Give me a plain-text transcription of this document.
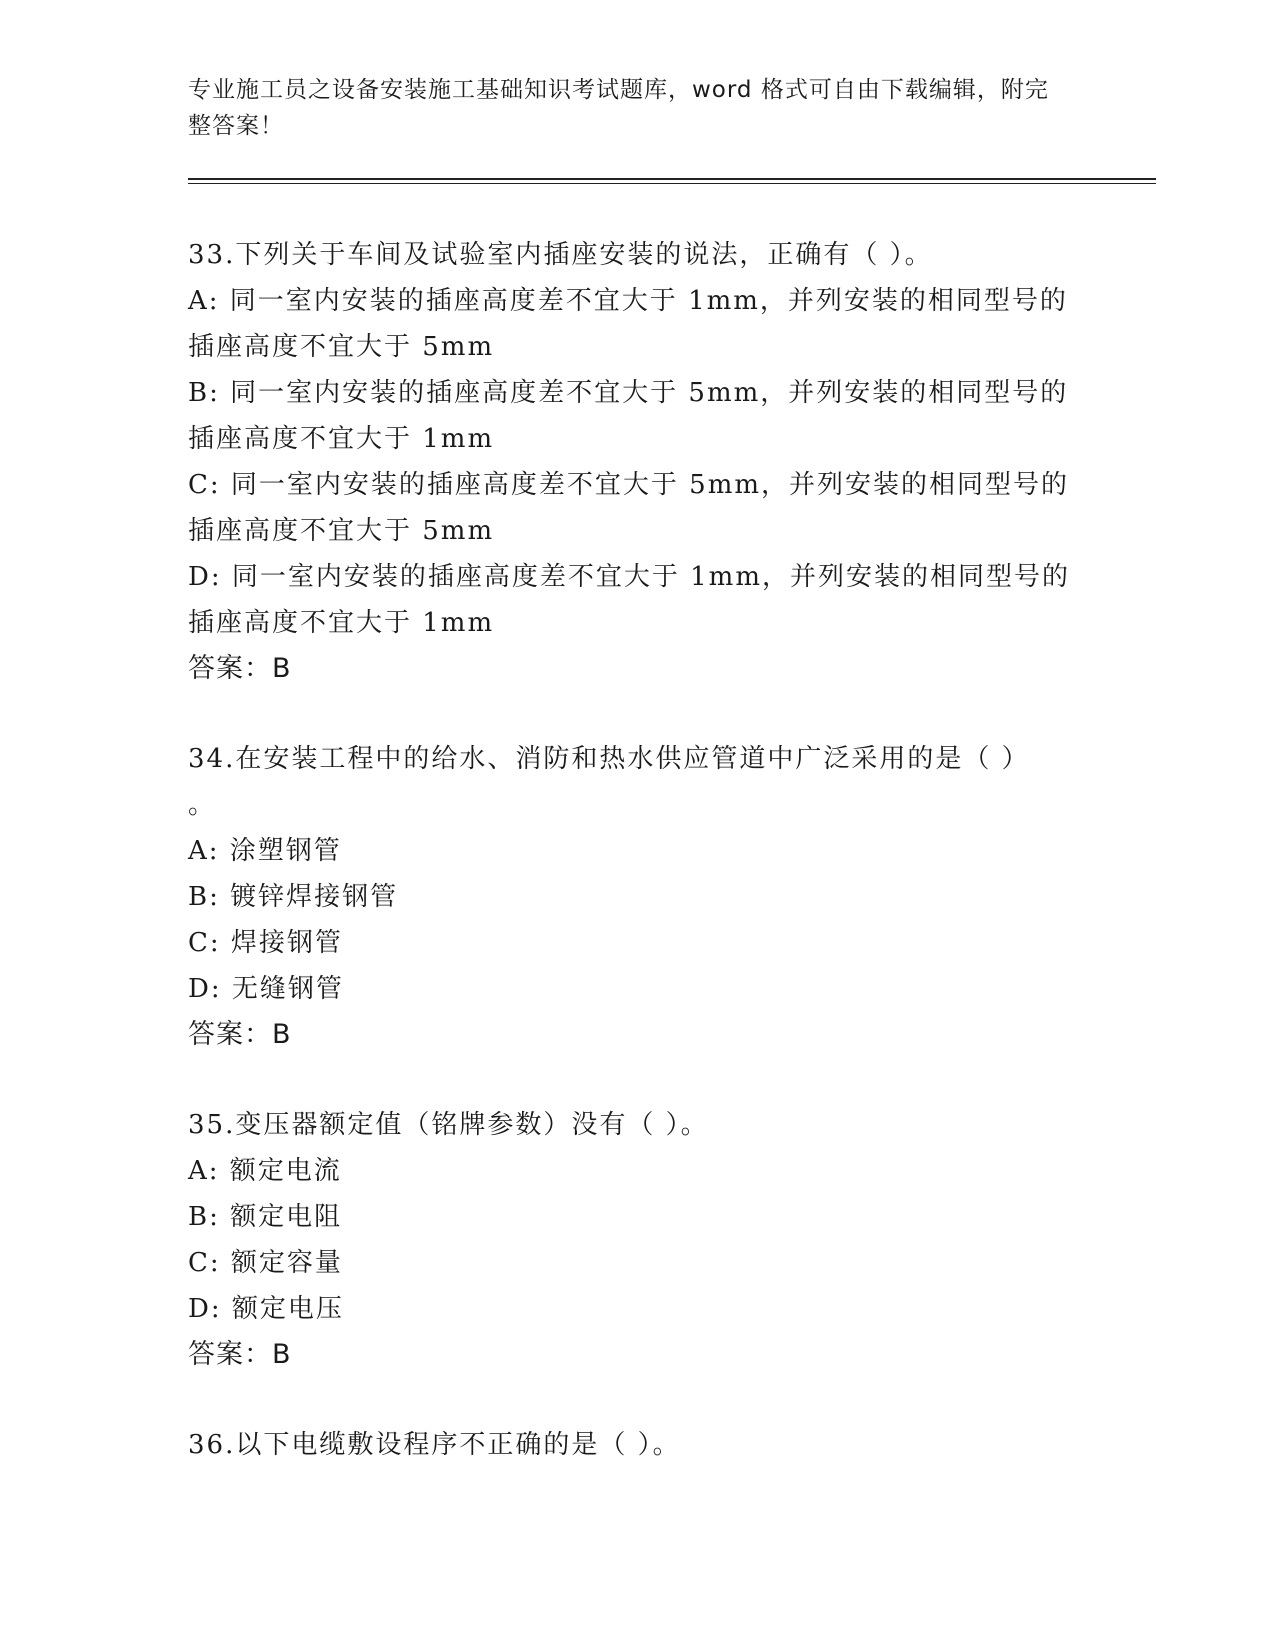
专业施工员之设备安装施工基础知识考试题库，word 格式可自由下载编辑，附完
整答案！

33.下列关于车间及试验室内插座安装的说法，正确有（ ）。

A: 同一室内安装的插座高度差不宜大于 1mm，并列安装的相同型号的

插座高度不宜大于 5mm

B: 同一室内安装的插座高度差不宜大于 5mm，并列安装的相同型号的

插座高度不宜大于 1mm

C: 同一室内安装的插座高度差不宜大于 5mm，并列安装的相同型号的

插座高度不宜大于 5mm

D: 同一室内安装的插座高度差不宜大于 1mm，并列安装的相同型号的

插座高度不宜大于 1mm

答案：B

34.在安装工程中的给水、消防和热水供应管道中广泛采用的是（ ）

。

A: 涂塑钢管

B: 镀锌焊接钢管

C: 焊接钢管

D: 无缝钢管

答案：B

35.变压器额定值（铭牌参数）没有（ ）。

A: 额定电流

B: 额定电阻

C: 额定容量

D: 额定电压

答案：B

36.以下电缆敷设程序不正确的是（ ）。
